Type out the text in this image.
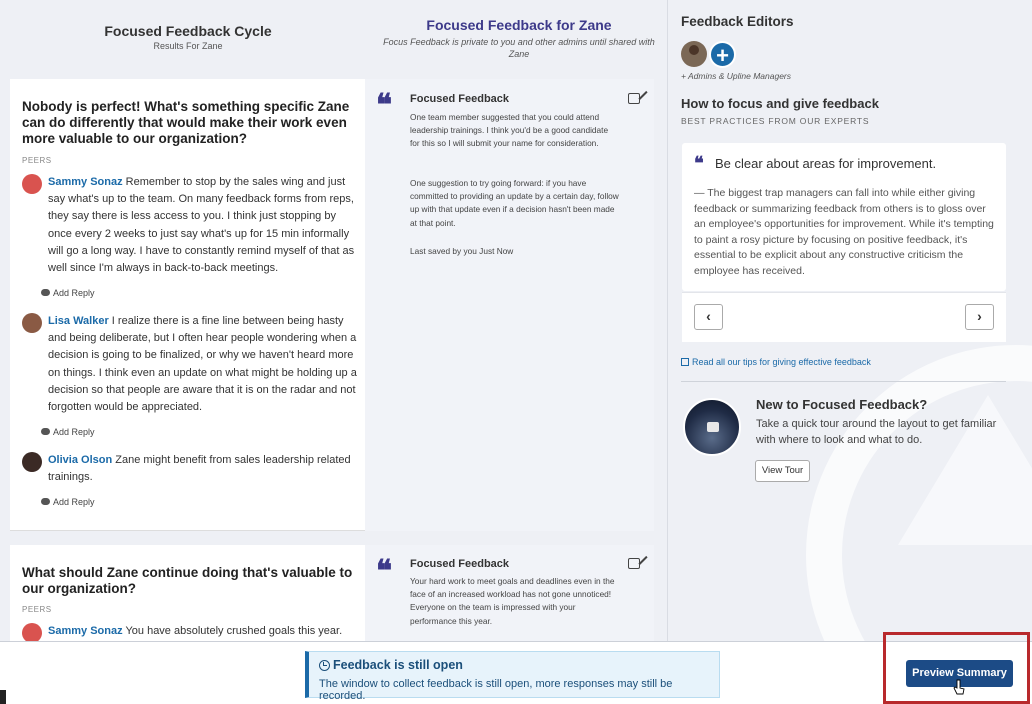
Focused Feedback Cycle
Results For Zane
Focused Feedback for Zane
Focus Feedback is private to you and other admins until shared with Zane
Nobody is perfect! What's something specific Zane can do differently that would make their work even more valuable to our organization?
PEERS
Sammy Sonaz Remember to stop by the sales wing and just say what's up to the team. On many feedback forms from reps, they say there is less access to you. I think just stopping by once every 2 weeks to just say what's up for 15 min informally will go a long way. I have to constantly remind myself of that as well since I'm always in back-to-back meetings.
Add Reply
Lisa Walker I realize there is a fine line between being hasty and being deliberate, but I often hear people wondering when a decision is going to be finalized, or why we haven't heard more on things. I think even an update on what might be holding up a decision so that people are aware that it is on the radar and not forgotten would be appreciated.
Add Reply
Olivia Olson Zane might benefit from sales leadership related trainings.
Add Reply
❝ Focused Feedback
One team member suggested that you could attend leadership trainings. I think you'd be a good candidate for this so I will submit your name for consideration.
One suggestion to try going forward: if you have committed to providing an update by a certain day, follow up with that update even if a decision hasn't been made at that point.
Last saved by you Just Now
What should Zane continue doing that's valuable to our organization?
PEERS
Sammy Sonaz You have absolutely crushed goals this year.
❝ Focused Feedback
Your hard work to meet goals and deadlines even in the face of an increased workload has not gone unnoticed! Everyone on the team is impressed with your performance this year.
Feedback Editors
+
+ Admins & Upline Managers
How to focus and give feedback
BEST PRACTICES FROM OUR EXPERTS
❝ Be clear about areas for improvement.
— The biggest trap managers can fall into while either giving feedback or summarizing feedback from others is to gloss over an employee's opportunities for improvement. While it's tempting to paint a rosy picture by focusing on positive feedback, it's essential to be explicit about any constructive criticism the employee has received.
‹	›
Read all our tips for giving effective feedback
New to Focused Feedback?
Take a quick tour around the layout to get familiar with where to look and what to do.
View Tour
Feedback is still open
The window to collect feedback is still open, more responses may still be recorded.
Preview Summary
